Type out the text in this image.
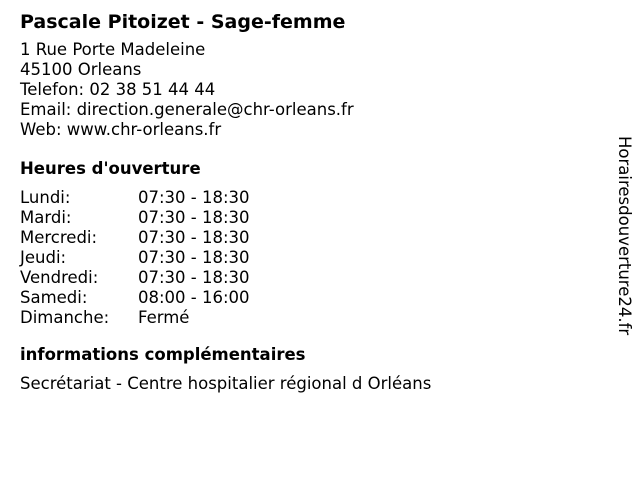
Pascale Pitoizet - Sage-femme
1 Rue Porte Madeleine
45100 Orleans
Telefon: 02 38 51 44 44
Email: direction.generale@chr-orleans.fr
Web: www.chr-orleans.fr
Heures d'ouverture
Lundi:	07:30 - 18:30
Mardi:	07:30 - 18:30
Mercredi:	07:30 - 18:30
Jeudi:	07:30 - 18:30
Vendredi:	07:30 - 18:30
Samedi:	08:00 - 16:00
Dimanche:	Fermé
informations complémentaires
Secrétariat - Centre hospitalier régional d Orléans
Horairesdouverture24.fr
